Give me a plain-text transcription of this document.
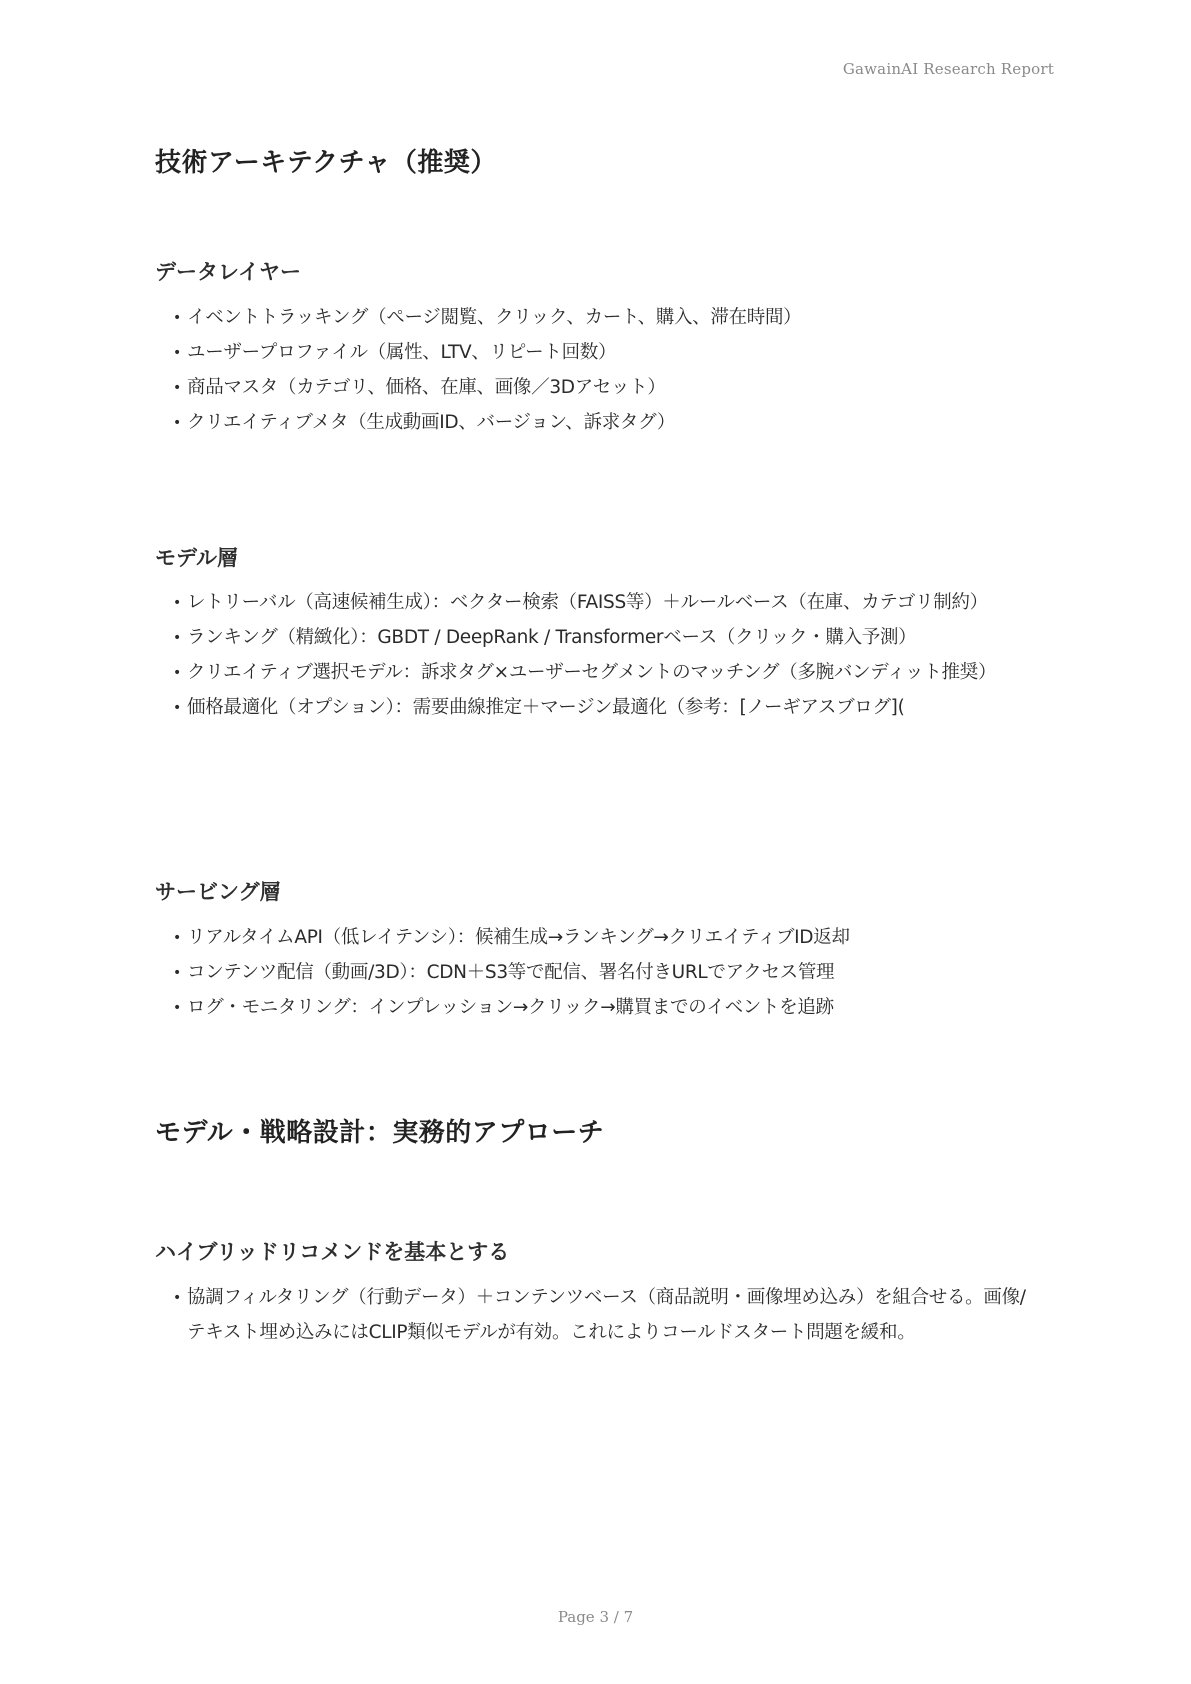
GawainAI Research Report
技術アーキテクチャ（推奨）
データレイヤー
• イベントトラッキング（ページ閲覧、クリック、カート、購入、滞在時間）
• ユーザープロファイル（属性、LTV、リピート回数）
• 商品マスタ（カテゴリ、価格、在庫、画像／3Dアセット）
• クリエイティブメタ（生成動画ID、バージョン、訴求タグ）
モデル層
• レトリーバル（高速候補生成）：ベクター検索（FAISS等）＋ルールベース（在庫、カテゴリ制約）
• ランキング（精緻化）：GBDT / DeepRank / Transformerベース（クリック・購入予測）
• クリエイティブ選択モデル：訴求タグ×ユーザーセグメントのマッチング（多腕バンディット推奨）
• 価格最適化（オプション）：需要曲線推定＋マージン最適化（参考：[ノーギアスブログ](
サービング層
• リアルタイムAPI（低レイテンシ）：候補生成→ランキング→クリエイティブID返却
• コンテンツ配信（動画/3D）：CDN＋S3等で配信、署名付きURLでアクセス管理
• ログ・モニタリング：インプレッション→クリック→購買までのイベントを追跡
モデル・戦略設計：実務的アプローチ
ハイブリッドリコメンドを基本とする
• 協調フィルタリング（行動データ）＋コンテンツベース（商品説明・画像埋め込み）を組合せる。画像/テキスト埋め込みにはCLIP類似モデルが有効。これによりコールドスタート問題を緩和。
Page 3 / 7
